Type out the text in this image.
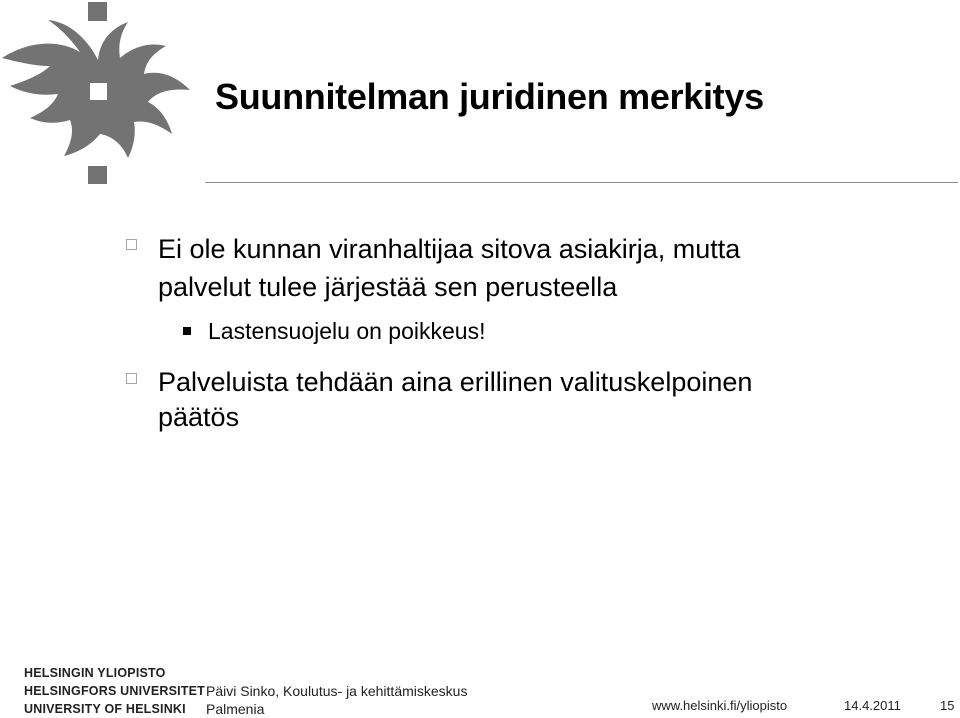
Suunnitelman juridinen merkitys
Ei ole kunnan viranhaltijaa sitova asiakirja, mutta
palvelut tulee järjestää sen perusteella
Lastensuojelu on poikkeus!
Palveluista tehdään aina erillinen valituskelpoinen
päätös
HELSINGIN YLIOPISTO
HELSINGFORS UNIVERSITET
UNIVERSITY OF HELSINKI
Päivi Sinko, Koulutus- ja kehittämiskeskus
Palmenia	www.helsinki.fi/yliopisto	14.4.2011	15
